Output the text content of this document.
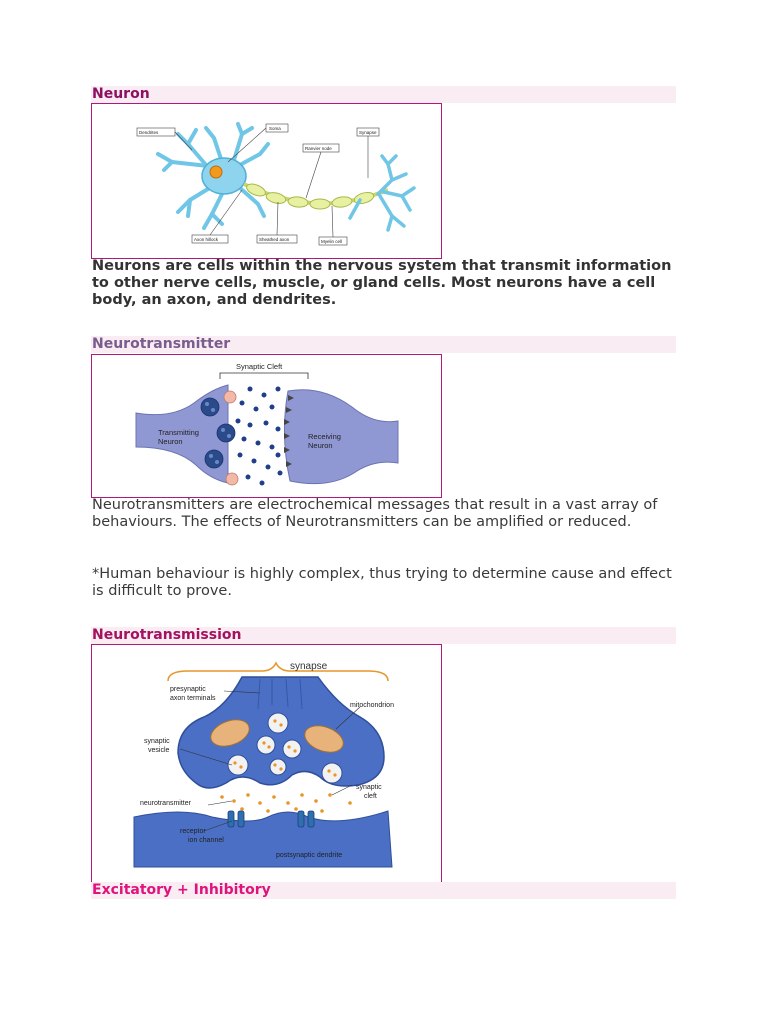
Neuron
Dendrites
Soma
Synapse
Ranvier node
Axon hillock	Sheathed axon	Myelin cell

Neurons are cells within the nervous system that transmit information to other nerve cells, muscle, or gland cells. Most neurons have a cell body, an axon, and dendrites.

Neurotransmitter
Synaptic Cleft
Transmitting
Neuron
Receiving
Neuron

Neurotransmitters are electrochemical messages that result in a vast array of behaviours. The effects of Neurotransmitters can be amplified or reduced.

*Human behaviour is highly complex, thus trying to determine cause and effect is difficult to prove.

Neurotransmission
synapse
presynaptic
axon terminals
mitochondrion
synaptic
vesicle
synaptic
cleft
neurotransmitter
receptor
ion channel
postsynaptic dendrite
Excitatory + Inhibitory
